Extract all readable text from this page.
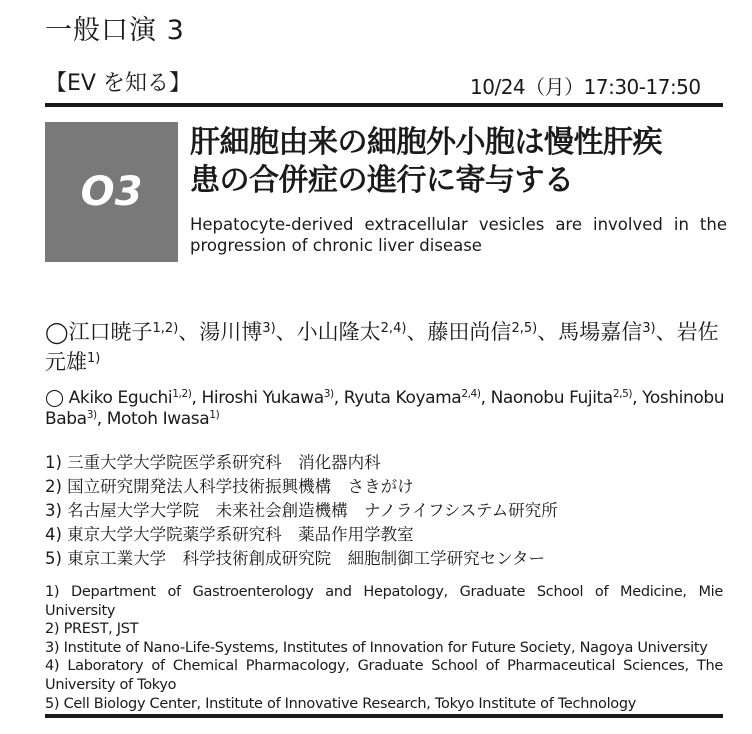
一般口演 3
【EV を知る】	10/24（月）17:30-17:50
O3
肝細胞由来の細胞外小胞は慢性肝疾
患の合併症の進行に寄与する
Hepatocyte-derived extracellular vesicles are involved in the progression of chronic liver disease
◯江口暁子$^{1,2)}$、湯川博$^{3)}$、小山隆太$^{2,4)}$、藤田尚信$^{2,5)}$、馬場嘉信$^{3)}$、岩佐元雄$^{1)}$
◯ Akiko Eguchi$^{1,2)}$, Hiroshi Yukawa$^{3)}$, Ryuta Koyama$^{2,4)}$, Naonobu Fujita$^{2,5)}$, Yoshinobu Baba$^{3)}$, Motoh Iwasa$^{1)}$
1) 三重大学大学院医学系研究科　消化器内科
2) 国立研究開発法人科学技術振興機構　さきがけ
3) 名古屋大学大学院　未来社会創造機構　ナノライフシステム研究所
4) 東京大学大学院薬学系研究科　薬品作用学教室
5) 東京工業大学　科学技術創成研究院　細胞制御工学研究センター
1) Department of Gastroenterology and Hepatology, Graduate School of Medicine, Mie University
2) PREST, JST
3) Institute of Nano-Life-Systems, Institutes of Innovation for Future Society, Nagoya University
4) Laboratory of Chemical Pharmacology, Graduate School of Pharmaceutical Sciences, The University of Tokyo
5) Cell Biology Center, Institute of Innovative Research, Tokyo Institute of Technology
